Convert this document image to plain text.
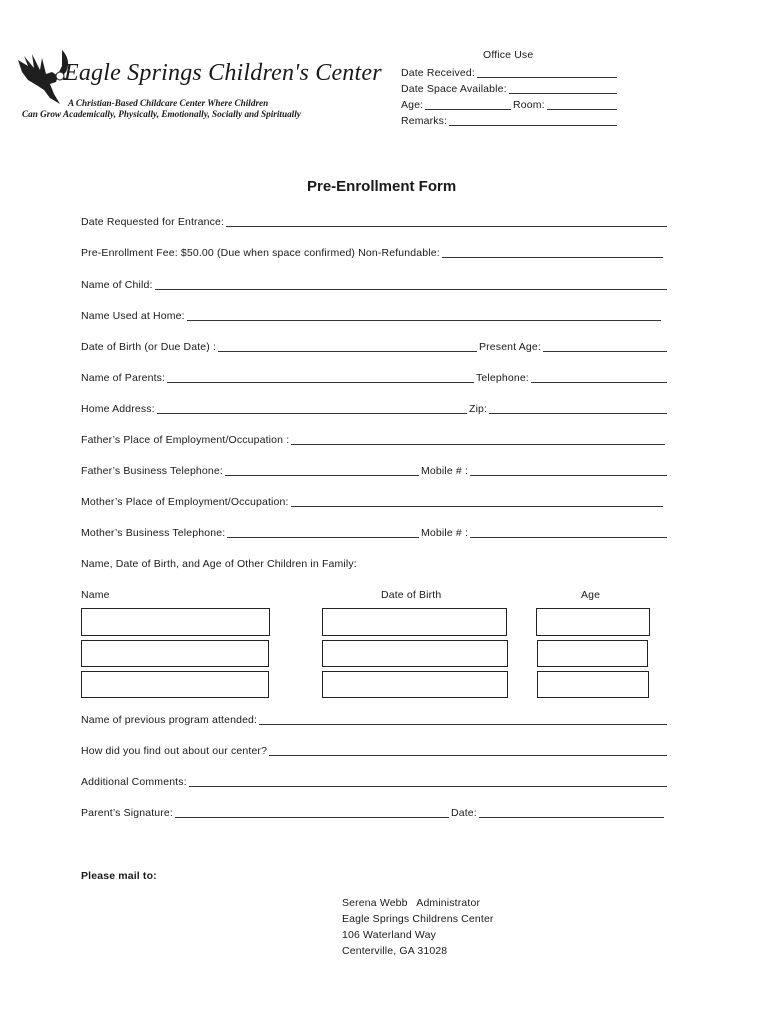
Eagle Springs Children's Center
A Christian-Based Childcare Center Where Children
Can Grow Academically, Physically, Emotionally, Socially and Spiritually
Office Use
Date Received:
Date Space Available:
Age:	Room:
Remarks:
Pre-Enrollment Form
Date Requested for Entrance:
Pre-Enrollment Fee: $50.00 (Due when space confirmed) Non-Refundable:
Name of Child:
Name Used at Home:
Date of Birth (or Due Date) :	Present Age:
Name of Parents:	Telephone:
Home Address:	Zip:
Father’s Place of Employment/Occupation :
Father’s Business Telephone:	Mobile # :
Mother’s Place of Employment/Occupation:
Mother’s Business Telephone:	Mobile # :
Name, Date of Birth, and Age of Other Children in Family:
Name	Date of Birth	Age
Name of previous program attended:
How did you find out about our center?
Additional Comments:
Parent’s Signature:	Date:
Please mail to:
Serena Webb   Administrator
Eagle Springs Childrens Center
106 Waterland Way
Centerville, GA 31028
